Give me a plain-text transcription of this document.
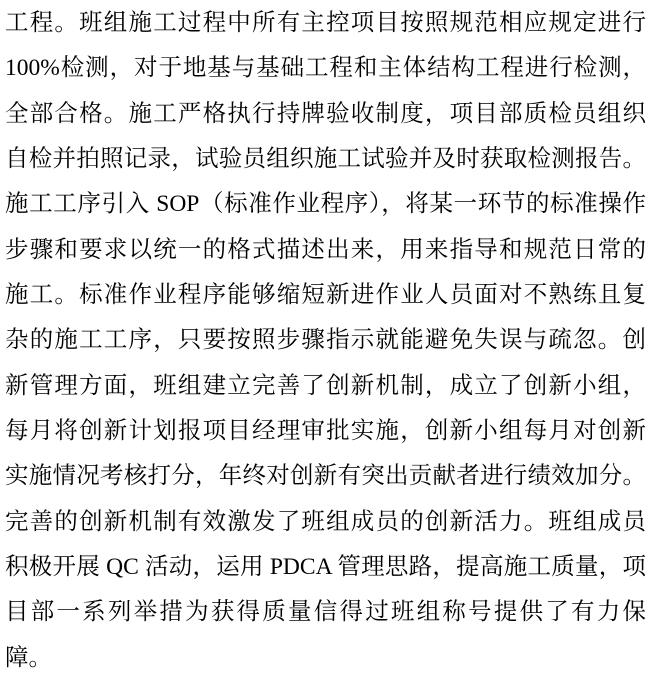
工程。班组施工过程中所有主控项目按照规范相应规定进行
100%检测，对于地基与基础工程和主体结构工程进行检测，
全部合格。施工严格执行持牌验收制度，项目部质检员组织
自检并拍照记录，试验员组织施工试验并及时获取检测报告。
施工工序引入 SOP（标准作业程序），将某一环节的标准操作
步骤和要求以统一的格式描述出来，用来指导和规范日常的
施工。标准作业程序能够缩短新进作业人员面对不熟练且复
杂的施工工序，只要按照步骤指示就能避免失误与疏忽。创
新管理方面，班组建立完善了创新机制，成立了创新小组，
每月将创新计划报项目经理审批实施，创新小组每月对创新
实施情况考核打分，年终对创新有突出贡献者进行绩效加分。
完善的创新机制有效激发了班组成员的创新活力。班组成员
积极开展 QC 活动，运用 PDCA 管理思路，提高施工质量，项
目部一系列举措为获得质量信得过班组称号提供了有力保
障。
